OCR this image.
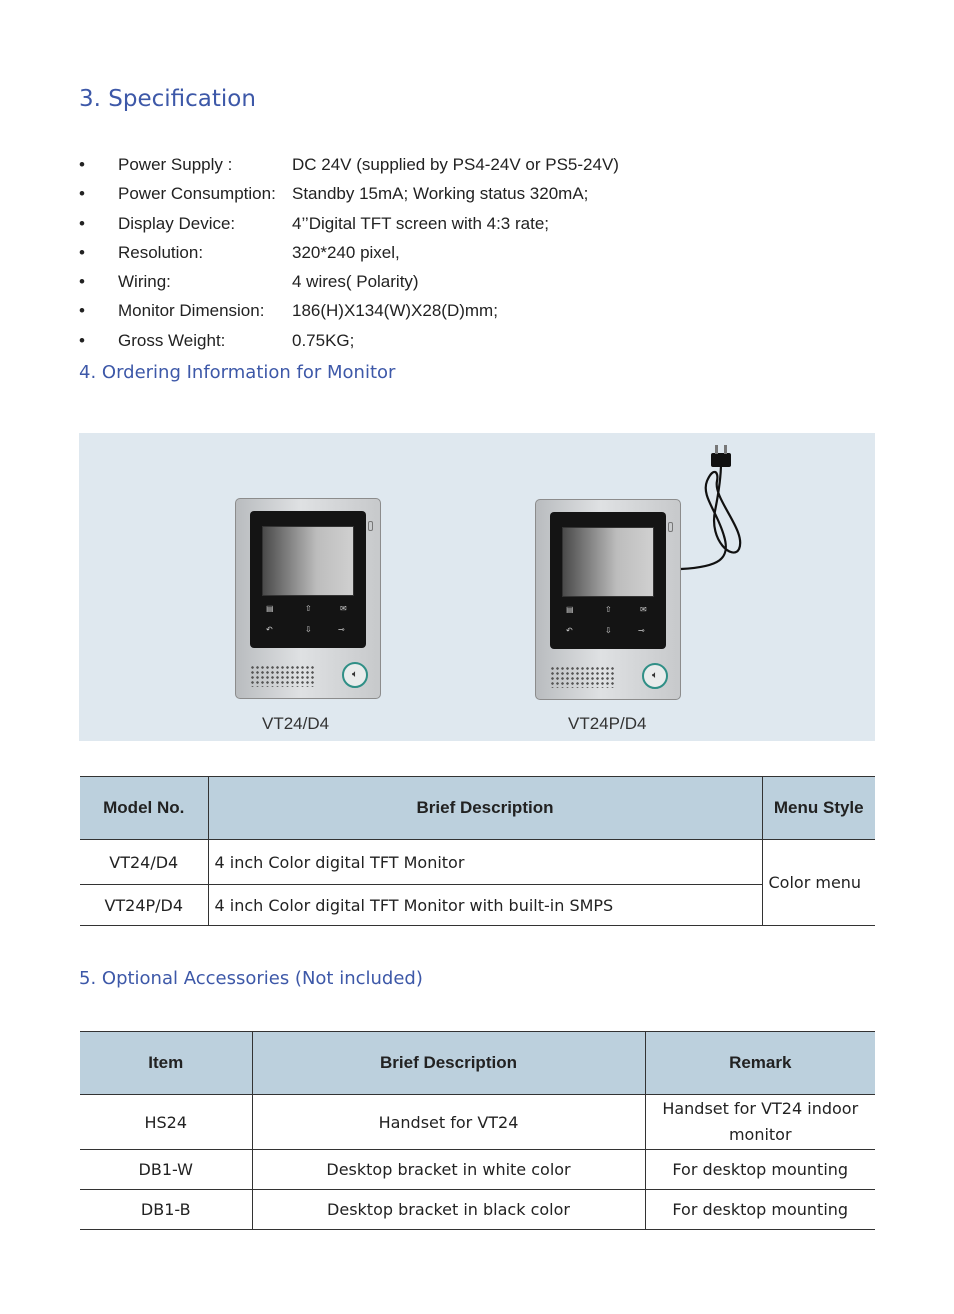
3. Specification
• Power Supply :	DC 24V (supplied by PS4-24V or PS5-24V)
• Power Consumption: Standby 15mA; Working status 320mA;
• Display Device:	4’’Digital TFT screen with 4:3 rate;
• Resolution:	320*240 pixel,
• Wiring:	4 wires( Polarity)
• Monitor Dimension: 186(H)X134(W)X28(D)mm;
• Gross Weight:	0.75KG;
4. Ordering Information for Monitor
▤	⇧	✉
↶	⇩	⊸
🔈︎
VT24/D4
▤	⇧	✉
↶	⇩	⊸
🔈︎
VT24P/D4
Model No.	Brief Description	Menu Style
VT24/D4	4 inch Color digital TFT Monitor	Color menu
VT24P/D4	4 inch Color digital TFT Monitor with built-in SMPS	
5. Optional Accessories (Not included)
Item	Brief Description	Remark
HS24	Handset for VT24	Handset for VT24 indoor monitor
DB1-W	Desktop bracket in white color	For desktop mounting
DB1-B	Desktop bracket in black color	For desktop mounting
